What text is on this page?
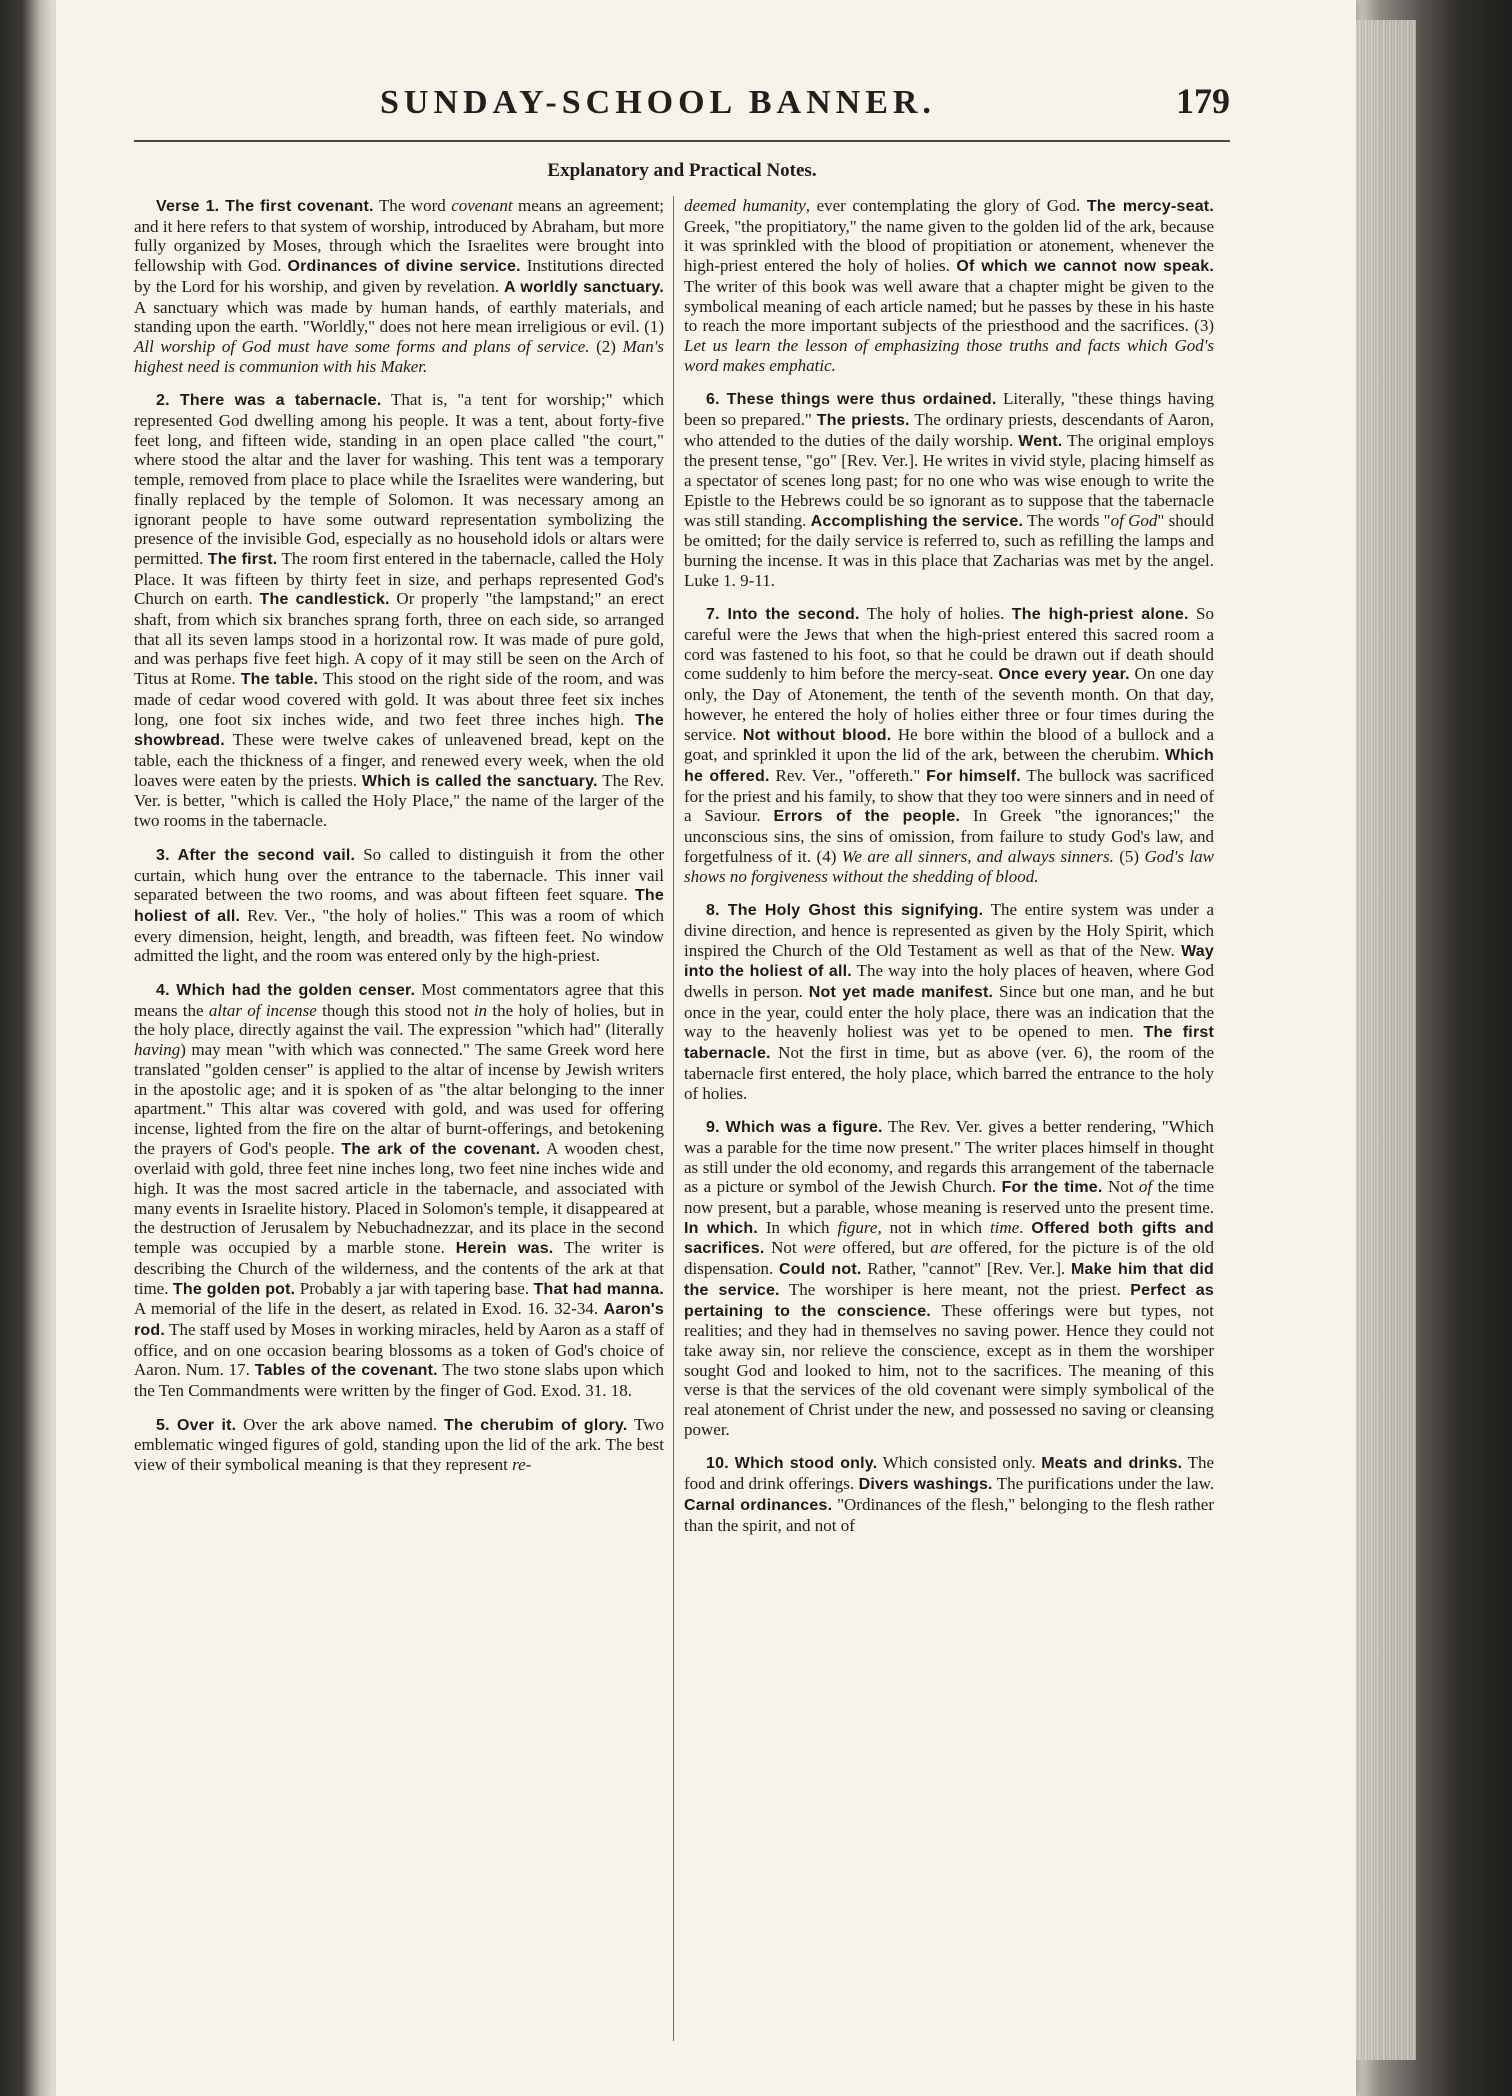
SUNDAY-SCHOOL BANNER.	179
Explanatory and Practical Notes.

Verse 1. The first covenant. The word covenant means an agreement; and it here refers to that system of worship, introduced by Abraham, but more fully organized by Moses, through which the Israelites were brought into fellowship with God. Ordinances of divine service. Institutions directed by the Lord for his worship, and given by revelation. A worldly sanctuary. A sanctuary which was made by human hands, of earthly materials, and standing upon the earth. "Worldly," does not here mean irreligious or evil. (1) All worship of God must have some forms and plans of service. (2) Man's highest need is communion with his Maker.

2. There was a tabernacle. That is, "a tent for worship;" which represented God dwelling among his people. It was a tent, about forty-five feet long, and fifteen wide, standing in an open place called "the court," where stood the altar and the laver for washing. This tent was a temporary temple, removed from place to place while the Israelites were wandering, but finally replaced by the temple of Solomon. It was necessary among an ignorant people to have some outward representation symbolizing the presence of the invisible God, especially as no household idols or altars were permitted. The first. The room first entered in the tabernacle, called the Holy Place. It was fifteen by thirty feet in size, and perhaps represented God's Church on earth. The candlestick. Or properly "the lampstand;" an erect shaft, from which six branches sprang forth, three on each side, so arranged that all its seven lamps stood in a horizontal row. It was made of pure gold, and was perhaps five feet high. A copy of it may still be seen on the Arch of Titus at Rome. The table. This stood on the right side of the room, and was made of cedar wood covered with gold. It was about three feet six inches long, one foot six inches wide, and two feet three inches high. The showbread. These were twelve cakes of unleavened bread, kept on the table, each the thickness of a finger, and renewed every week, when the old loaves were eaten by the priests. Which is called the sanctuary. The Rev. Ver. is better, "which is called the Holy Place," the name of the larger of the two rooms in the tabernacle.

3. After the second vail. So called to distinguish it from the other curtain, which hung over the entrance to the tabernacle. This inner vail separated between the two rooms, and was about fifteen feet square. The holiest of all. Rev. Ver., "the holy of holies." This was a room of which every dimension, height, length, and breadth, was fifteen feet. No window admitted the light, and the room was entered only by the high-priest.

4. Which had the golden censer. Most commentators agree that this means the altar of incense though this stood not in the holy of holies, but in the holy place, directly against the vail. The expression "which had" (literally having) may mean "with which was connected." The same Greek word here translated "golden censer" is applied to the altar of incense by Jewish writers in the apostolic age; and it is spoken of as "the altar belonging to the inner apartment." This altar was covered with gold, and was used for offering incense, lighted from the fire on the altar of burnt-offerings, and betokening the prayers of God's people. The ark of the covenant. A wooden chest, overlaid with gold, three feet nine inches long, two feet nine inches wide and high. It was the most sacred article in the tabernacle, and associated with many events in Israelite history. Placed in Solomon's temple, it disappeared at the destruction of Jerusalem by Nebuchadnezzar, and its place in the second temple was occupied by a marble stone. Herein was. The writer is describing the Church of the wilderness, and the contents of the ark at that time. The golden pot. Probably a jar with tapering base. That had manna. A memorial of the life in the desert, as related in Exod. 16. 32-34. Aaron's rod. The staff used by Moses in working miracles, held by Aaron as a staff of office, and on one occasion bearing blossoms as a token of God's choice of Aaron. Num. 17. Tables of the covenant. The two stone slabs upon which the Ten Commandments were written by the finger of God. Exod. 31. 18.

5. Over it. Over the ark above named. The cherubim of glory. Two emblematic winged figures of gold, standing upon the lid of the ark. The best view of their symbolical meaning is that they represent re-

deemed humanity, ever contemplating the glory of God. The mercy-seat. Greek, "the propitiatory," the name given to the golden lid of the ark, because it was sprinkled with the blood of propitiation or atonement, whenever the high-priest entered the holy of holies. Of which we cannot now speak. The writer of this book was well aware that a chapter might be given to the symbolical meaning of each article named; but he passes by these in his haste to reach the more important subjects of the priesthood and the sacrifices. (3) Let us learn the lesson of emphasizing those truths and facts which God's word makes emphatic.

6. These things were thus ordained. Literally, "these things having been so prepared." The priests. The ordinary priests, descendants of Aaron, who attended to the duties of the daily worship. Went. The original employs the present tense, "go" [Rev. Ver.]. He writes in vivid style, placing himself as a spectator of scenes long past; for no one who was wise enough to write the Epistle to the Hebrews could be so ignorant as to suppose that the tabernacle was still standing. Accomplishing the service. The words "of God" should be omitted; for the daily service is referred to, such as refilling the lamps and burning the incense. It was in this place that Zacharias was met by the angel. Luke 1. 9-11.

7. Into the second. The holy of holies. The high-priest alone. So careful were the Jews that when the high-priest entered this sacred room a cord was fastened to his foot, so that he could be drawn out if death should come suddenly to him before the mercy-seat. Once every year. On one day only, the Day of Atonement, the tenth of the seventh month. On that day, however, he entered the holy of holies either three or four times during the service. Not without blood. He bore within the blood of a bullock and a goat, and sprinkled it upon the lid of the ark, between the cherubim. Which he offered. Rev. Ver., "offereth." For himself. The bullock was sacrificed for the priest and his family, to show that they too were sinners and in need of a Saviour. Errors of the people. In Greek "the ignorances;" the unconscious sins, the sins of omission, from failure to study God's law, and forgetfulness of it. (4) We are all sinners, and always sinners. (5) God's law shows no forgiveness without the shedding of blood.

8. The Holy Ghost this signifying. The entire system was under a divine direction, and hence is represented as given by the Holy Spirit, which inspired the Church of the Old Testament as well as that of the New. Way into the holiest of all. The way into the holy places of heaven, where God dwells in person. Not yet made manifest. Since but one man, and he but once in the year, could enter the holy place, there was an indication that the way to the heavenly holiest was yet to be opened to men. The first tabernacle. Not the first in time, but as above (ver. 6), the room of the tabernacle first entered, the holy place, which barred the entrance to the holy of holies.

9. Which was a figure. The Rev. Ver. gives a better rendering, "Which was a parable for the time now present." The writer places himself in thought as still under the old economy, and regards this arrangement of the tabernacle as a picture or symbol of the Jewish Church. For the time. Not of the time now present, but a parable, whose meaning is reserved unto the present time. In which. In which figure, not in which time. Offered both gifts and sacrifices. Not were offered, but are offered, for the picture is of the old dispensation. Could not. Rather, "cannot" [Rev. Ver.]. Make him that did the service. The worshiper is here meant, not the priest. Perfect as pertaining to the conscience. These offerings were but types, not realities; and they had in themselves no saving power. Hence they could not take away sin, nor relieve the conscience, except as in them the worshiper sought God and looked to him, not to the sacrifices. The meaning of this verse is that the services of the old covenant were simply symbolical of the real atonement of Christ under the new, and possessed no saving or cleansing power.

10. Which stood only. Which consisted only. Meats and drinks. The food and drink offerings. Divers washings. The purifications under the law. Carnal ordinances. "Ordinances of the flesh," belonging to the flesh rather than the spirit, and not of
